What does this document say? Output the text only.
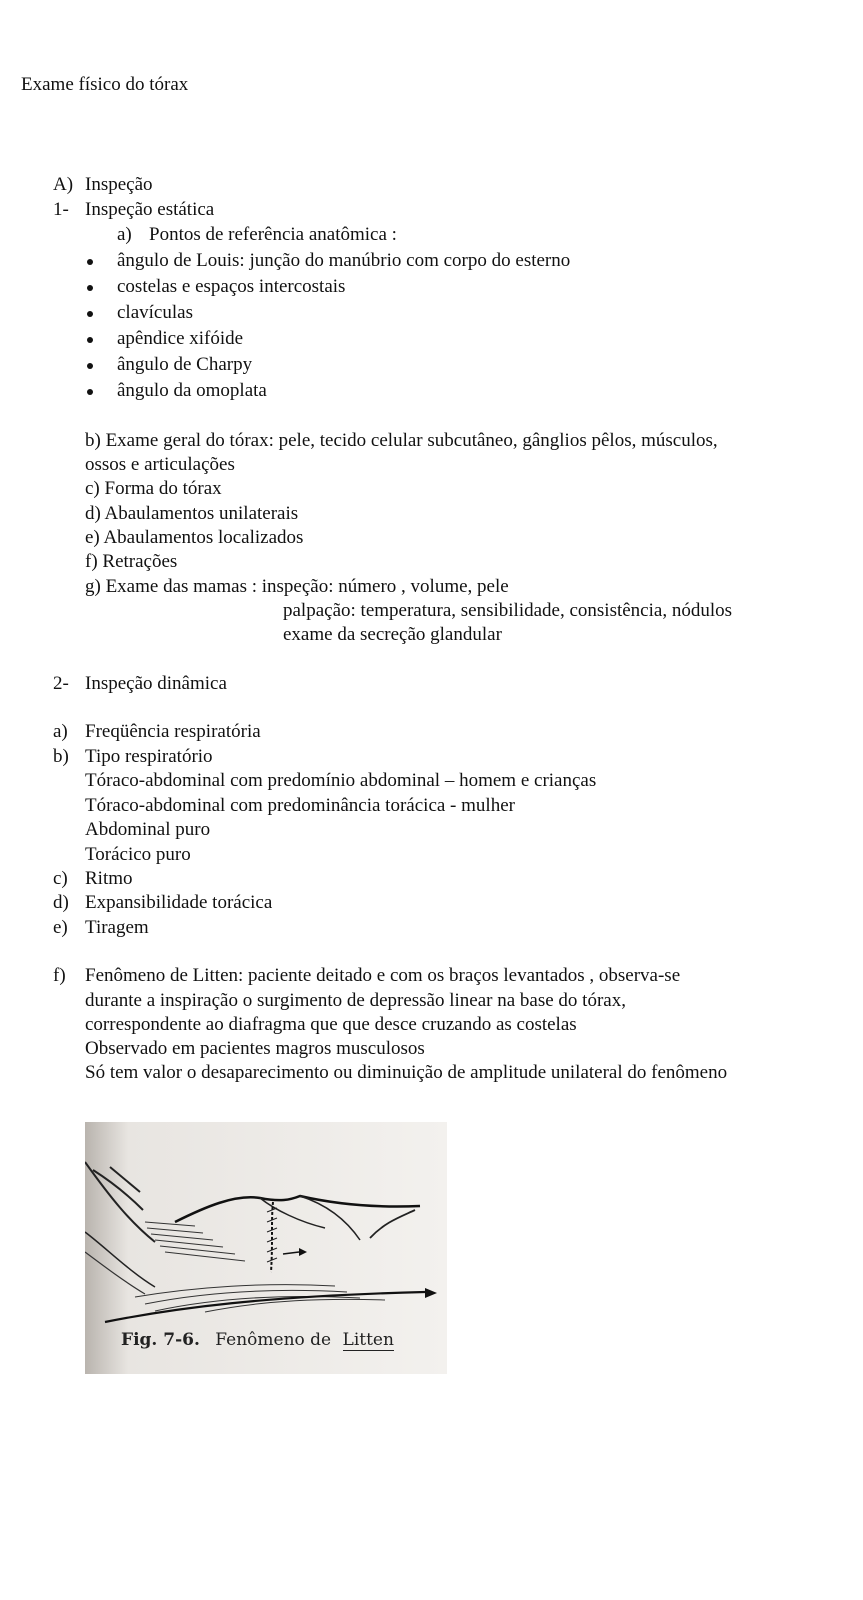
Exame físico do tórax
A) Inspeção
1- Inspeção estática
a) Pontos de referência anatômica :
ângulo de Louis: junção do manúbrio com corpo do esterno
costelas e espaços intercostais
clavículas
apêndice xifóide
ângulo de Charpy
ângulo da omoplata
b) Exame geral do tórax: pele, tecido celular subcutâneo, gânglios pêlos, músculos,
ossos e articulações
c) Forma do tórax
d) Abaulamentos unilaterais
e) Abaulamentos localizados
f) Retrações
g) Exame das mamas : inspeção: número , volume, pele
palpação: temperatura, sensibilidade, consistência, nódulos
exame da secreção glandular
2- Inspeção dinâmica
a) Freqüência respiratória
b) Tipo respiratório
Tóraco-abdominal com predomínio abdominal – homem e crianças
Tóraco-abdominal com predominância torácica - mulher
Abdominal puro
Torácico puro
c) Ritmo
d) Expansibilidade torácica
e) Tiragem
f) Fenômeno de Litten: paciente deitado e com os braços levantados , observa-se
durante a inspiração o surgimento de depressão linear na base do tórax,
correspondente ao diafragma que que desce cruzando as costelas
Observado em pacientes magros musculosos
Só tem valor o desaparecimento ou diminuição de amplitude unilateral do fenômeno
Fig. 7-6. Fenômeno de Litten
